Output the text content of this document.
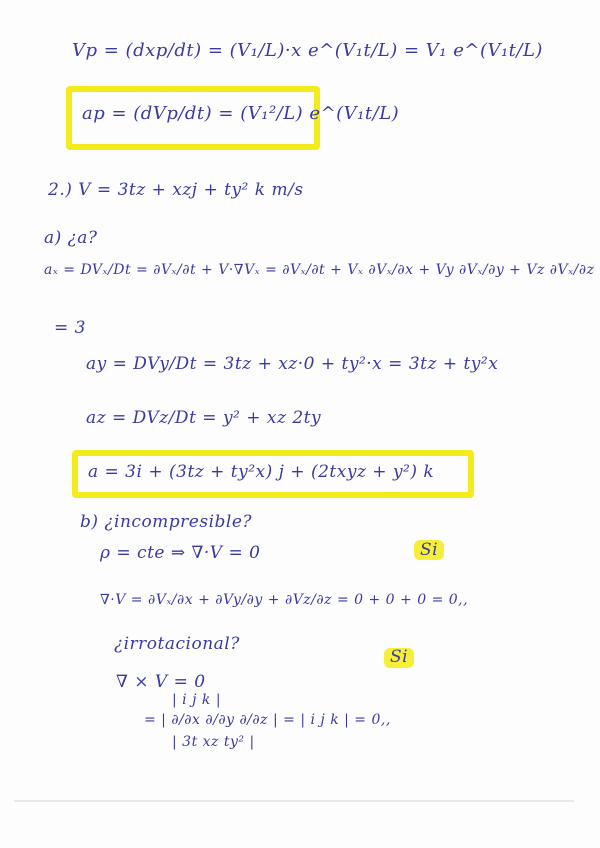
Vp = (dxp/dt) = (V₁/L)·x e^(V₁t/L) = V₁ e^(V₁t/L)
ap = (dVp/dt) = (V₁²/L) e^(V₁t/L)
2.) V = 3tz + xzj + ty² k m/s
a) ¿a?
aₓ = DVₓ/Dt = ∂Vₓ/∂t + V·∇Vₓ = ∂Vₓ/∂t + Vₓ ∂Vₓ/∂x + Vy ∂Vₓ/∂y + Vz ∂Vₓ/∂z
= 3
ay = DVy/Dt = 3tz + xz·0 + ty²·x = 3tz + ty²x
az = DVz/Dt = y² + xz 2ty
a = 3i + (3tz + ty²x) j + (2txyz + y²) k
b) ¿incompresible?
ρ = cte ⇒ ∇·V = 0	Si
∇·V = ∂Vₓ/∂x + ∂Vy/∂y + ∂Vz/∂z = 0 + 0 + 0 = 0,,
¿irrotacional?
Si
∇ × V = 0
| i j k |
= | ∂/∂x ∂/∂y ∂/∂z | = | i j k | = 0,,
| 3t xz ty² |
